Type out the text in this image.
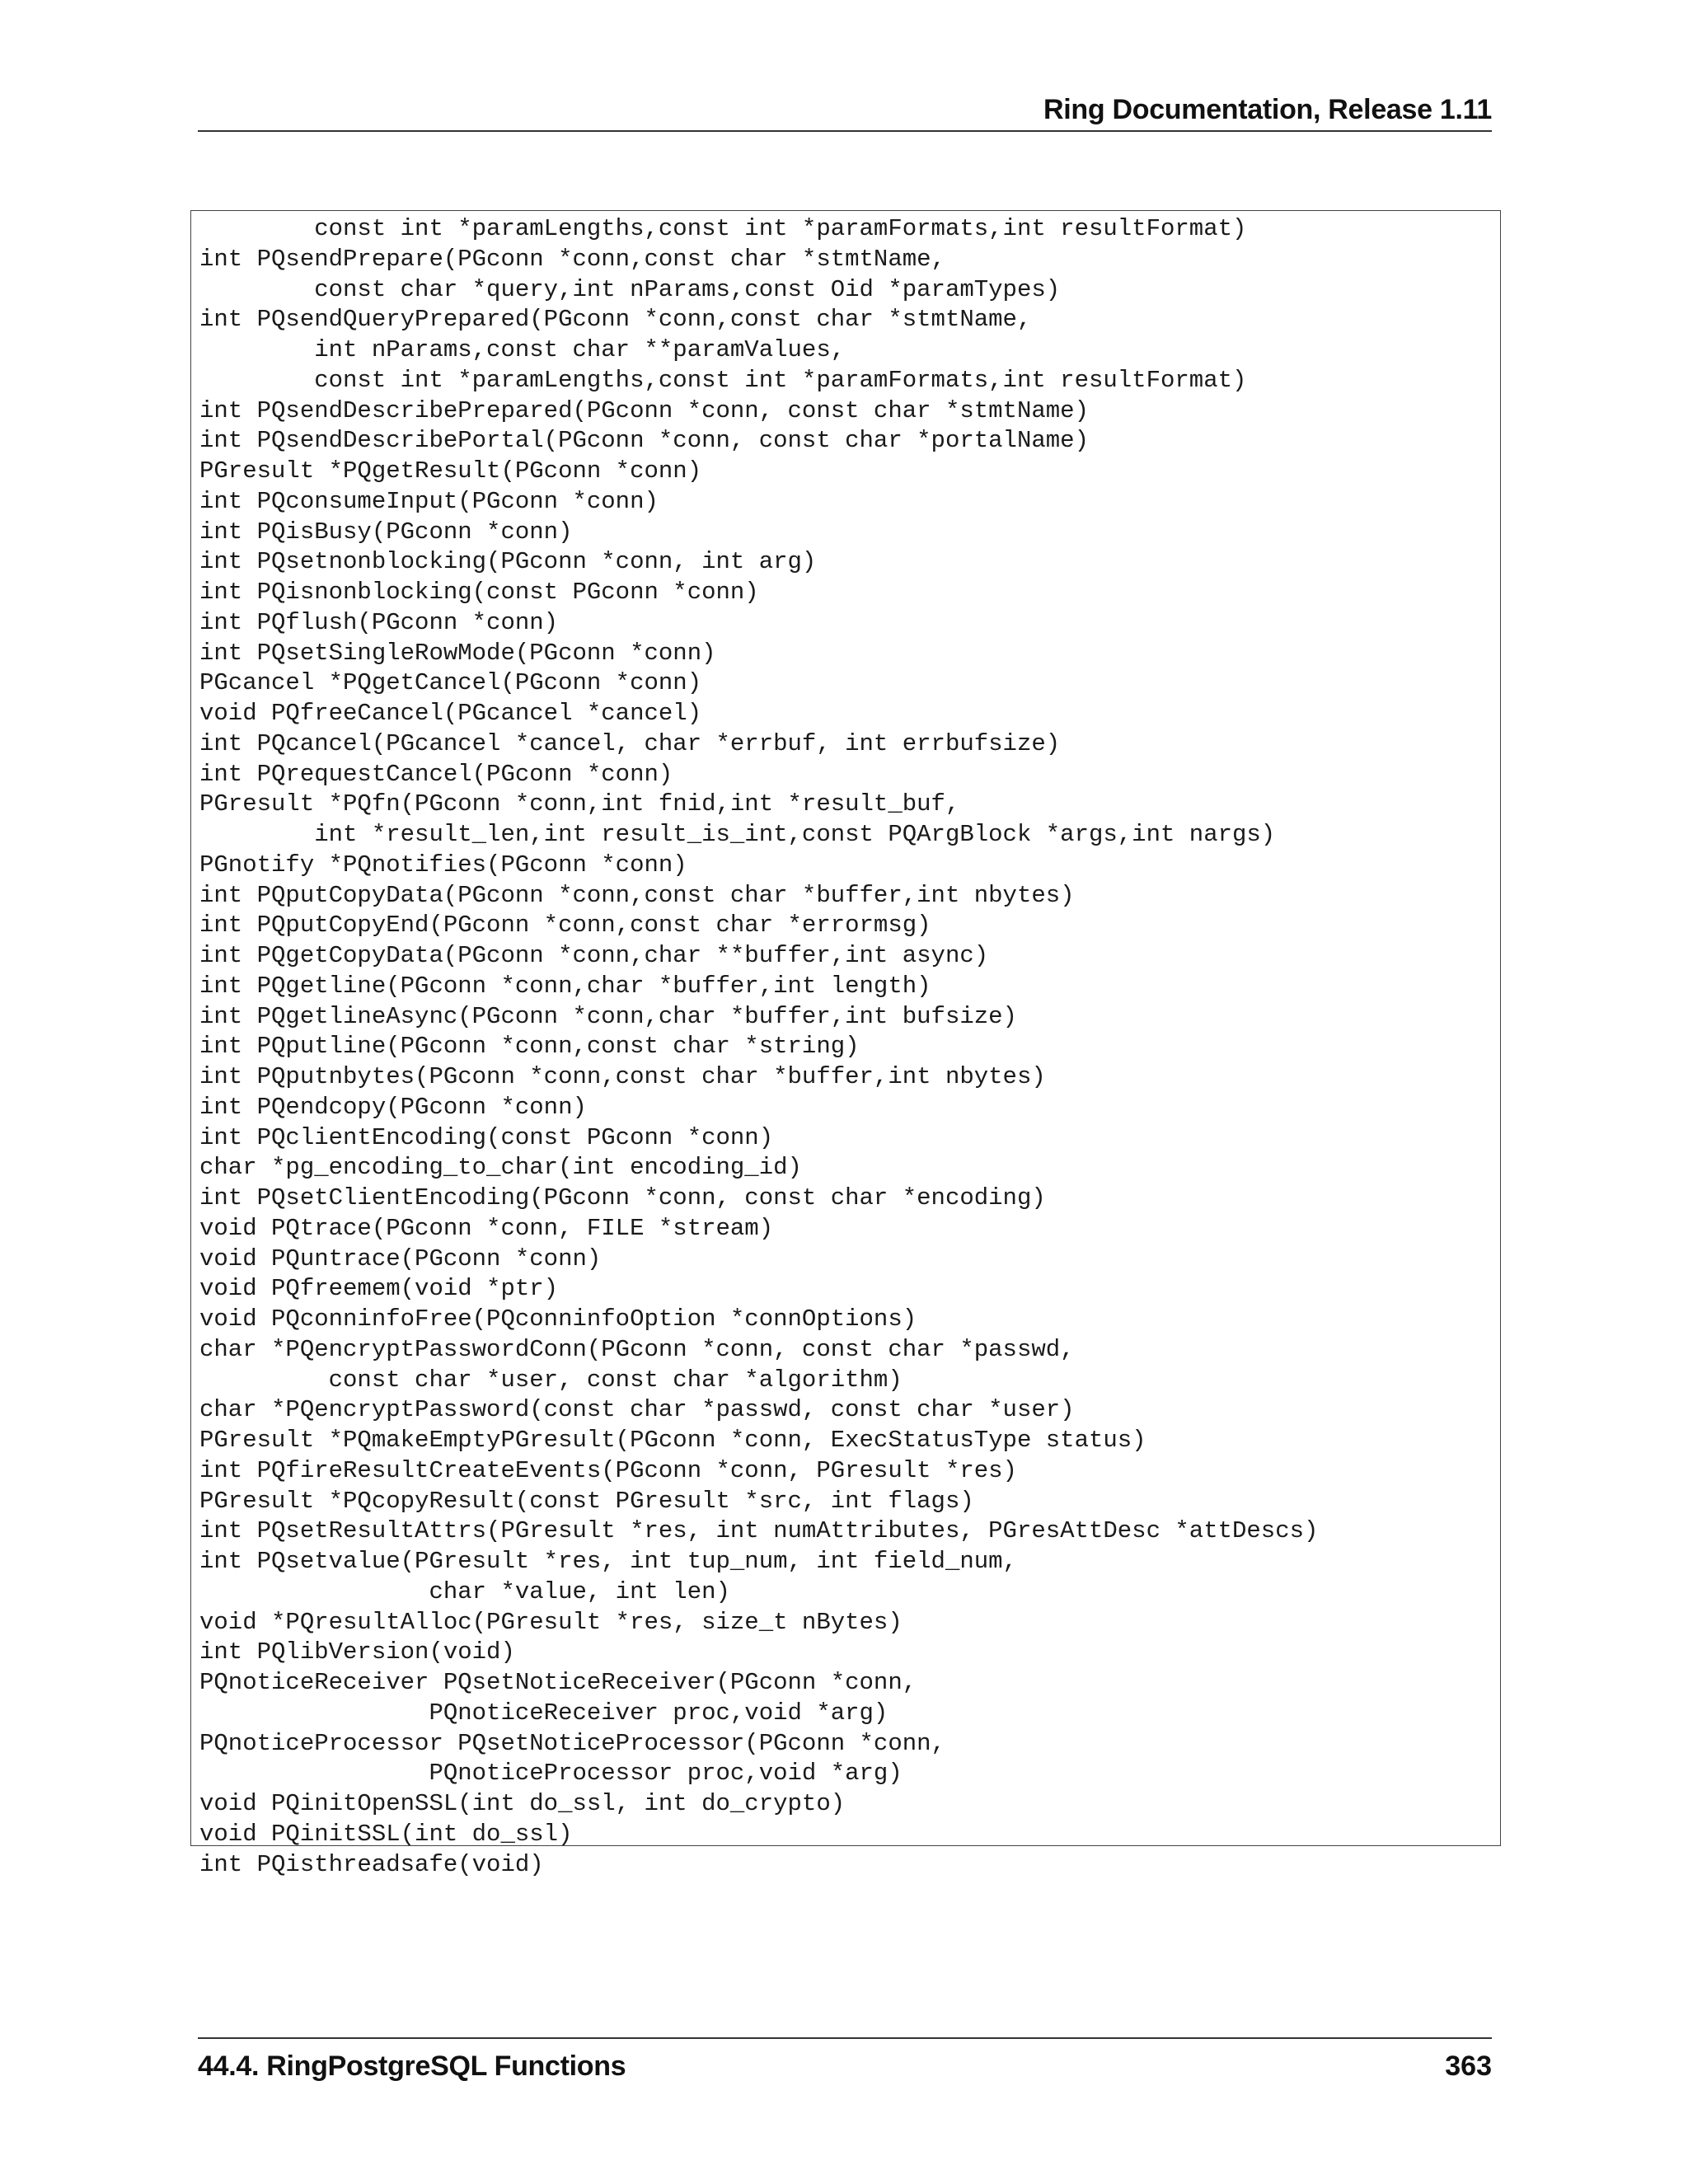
Ring Documentation, Release 1.11
const int *paramLengths,const int *paramFormats,int resultFormat)
int PQsendPrepare(PGconn *conn,const char *stmtName,
const char *query,int nParams,const Oid *paramTypes)
int PQsendQueryPrepared(PGconn *conn,const char *stmtName,
int nParams,const char **paramValues,
const int *paramLengths,const int *paramFormats,int resultFormat)
int PQsendDescribePrepared(PGconn *conn, const char *stmtName)
int PQsendDescribePortal(PGconn *conn, const char *portalName)
PGresult *PQgetResult(PGconn *conn)
int PQconsumeInput(PGconn *conn)
int PQisBusy(PGconn *conn)
int PQsetnonblocking(PGconn *conn, int arg)
int PQisnonblocking(const PGconn *conn)
int PQflush(PGconn *conn)
int PQsetSingleRowMode(PGconn *conn)
PGcancel *PQgetCancel(PGconn *conn)
void PQfreeCancel(PGcancel *cancel)
int PQcancel(PGcancel *cancel, char *errbuf, int errbufsize)
int PQrequestCancel(PGconn *conn)
PGresult *PQfn(PGconn *conn,int fnid,int *result_buf,
int *result_len,int result_is_int,const PQArgBlock *args,int nargs)
PGnotify *PQnotifies(PGconn *conn)
int PQputCopyData(PGconn *conn,const char *buffer,int nbytes)
int PQputCopyEnd(PGconn *conn,const char *errormsg)
int PQgetCopyData(PGconn *conn,char **buffer,int async)
int PQgetline(PGconn *conn,char *buffer,int length)
int PQgetlineAsync(PGconn *conn,char *buffer,int bufsize)
int PQputline(PGconn *conn,const char *string)
int PQputnbytes(PGconn *conn,const char *buffer,int nbytes)
int PQendcopy(PGconn *conn)
int PQclientEncoding(const PGconn *conn)
char *pg_encoding_to_char(int encoding_id)
int PQsetClientEncoding(PGconn *conn, const char *encoding)
void PQtrace(PGconn *conn, FILE *stream)
void PQuntrace(PGconn *conn)
void PQfreemem(void *ptr)
void PQconninfoFree(PQconninfoOption *connOptions)
char *PQencryptPasswordConn(PGconn *conn, const char *passwd,
const char *user, const char *algorithm)
char *PQencryptPassword(const char *passwd, const char *user)
PGresult *PQmakeEmptyPGresult(PGconn *conn, ExecStatusType status)
int PQfireResultCreateEvents(PGconn *conn, PGresult *res)
PGresult *PQcopyResult(const PGresult *src, int flags)
int PQsetResultAttrs(PGresult *res, int numAttributes, PGresAttDesc *attDescs)
int PQsetvalue(PGresult *res, int tup_num, int field_num,
char *value, int len)
void *PQresultAlloc(PGresult *res, size_t nBytes)
int PQlibVersion(void)
PQnoticeReceiver PQsetNoticeReceiver(PGconn *conn,
PQnoticeReceiver proc,void *arg)
PQnoticeProcessor PQsetNoticeProcessor(PGconn *conn,
PQnoticeProcessor proc,void *arg)
void PQinitOpenSSL(int do_ssl, int do_crypto)
void PQinitSSL(int do_ssl)
int PQisthreadsafe(void)
44.4. RingPostgreSQL Functions	363
